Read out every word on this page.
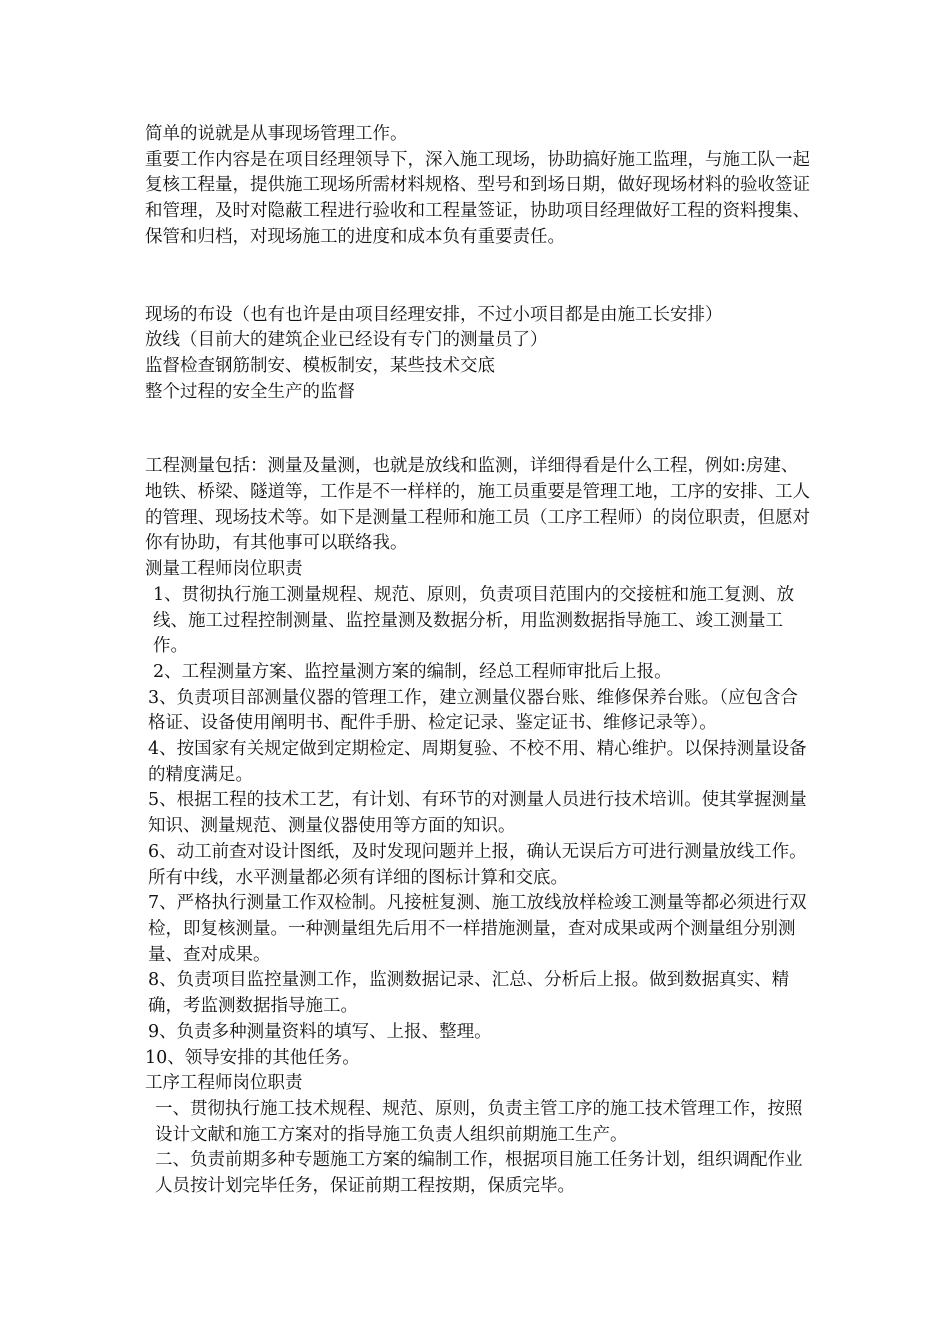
简单的说就是从事现场管理工作。

重要工作内容是在项目经理领导下，深入施工现场，协助搞好施工监理，与施工队一起复核工程量，提供施工现场所需材料规格、型号和到场日期，做好现场材料的验收签证和管理，及时对隐蔽工程进行验收和工程量签证，协助项目经理做好工程的资料搜集、保管和归档，对现场施工的进度和成本负有重要责任。

现场的布设（也有也许是由项目经理安排，不过小项目都是由施工长安排）

放线（目前大的建筑企业已经设有专门的测量员了）

监督检查钢筋制安、模板制安，某些技术交底

整个过程的安全生产的监督

工程测量包括：测量及量测，也就是放线和监测，详细得看是什么工程，例如:房建、地铁、桥梁、隧道等，工作是不一样样的，施工员重要是管理工地，工序的安排、工人的管理、现场技术等。如下是测量工程师和施工员（工序工程师）的岗位职责，但愿对你有协助，有其他事可以联络我。

测量工程师岗位职责

1、贯彻执行施工测量规程、规范、原则，负责项目范围内的交接桩和施工复测、放线、施工过程控制测量、监控量测及数据分析，用监测数据指导施工、竣工测量工作。

2、工程测量方案、监控量测方案的编制，经总工程师审批后上报。

3、负责项目部测量仪器的管理工作，建立测量仪器台账、维修保养台账。（应包含合格证、设备使用阐明书、配件手册、检定记录、鉴定证书、维修记录等）。

4、按国家有关规定做到定期检定、周期复验、不校不用、精心维护。以保持测量设备的精度满足。

5、根据工程的技术工艺，有计划、有环节的对测量人员进行技术培训。使其掌握测量知识、测量规范、测量仪器使用等方面的知识。

6、动工前查对设计图纸，及时发现问题并上报，确认无误后方可进行测量放线工作。所有中线，水平测量都必须有详细的图标计算和交底。

7、严格执行测量工作双检制。凡接桩复测、施工放线放样检竣工测量等都必须进行双检，即复核测量。一种测量组先后用不一样措施测量，查对成果或两个测量组分别测量、查对成果。

8、负责项目监控量测工作，监测数据记录、汇总、分析后上报。做到数据真实、精确，考监测数据指导施工。

9、负责多种测量资料的填写、上报、整理。

10、领导安排的其他任务。

工序工程师岗位职责

一、贯彻执行施工技术规程、规范、原则，负责主管工序的施工技术管理工作，按照设计文献和施工方案对的指导施工负责人组织前期施工生产。

二、负责前期多种专题施工方案的编制工作，根据项目施工任务计划，组织调配作业人员按计划完毕任务，保证前期工程按期，保质完毕。
